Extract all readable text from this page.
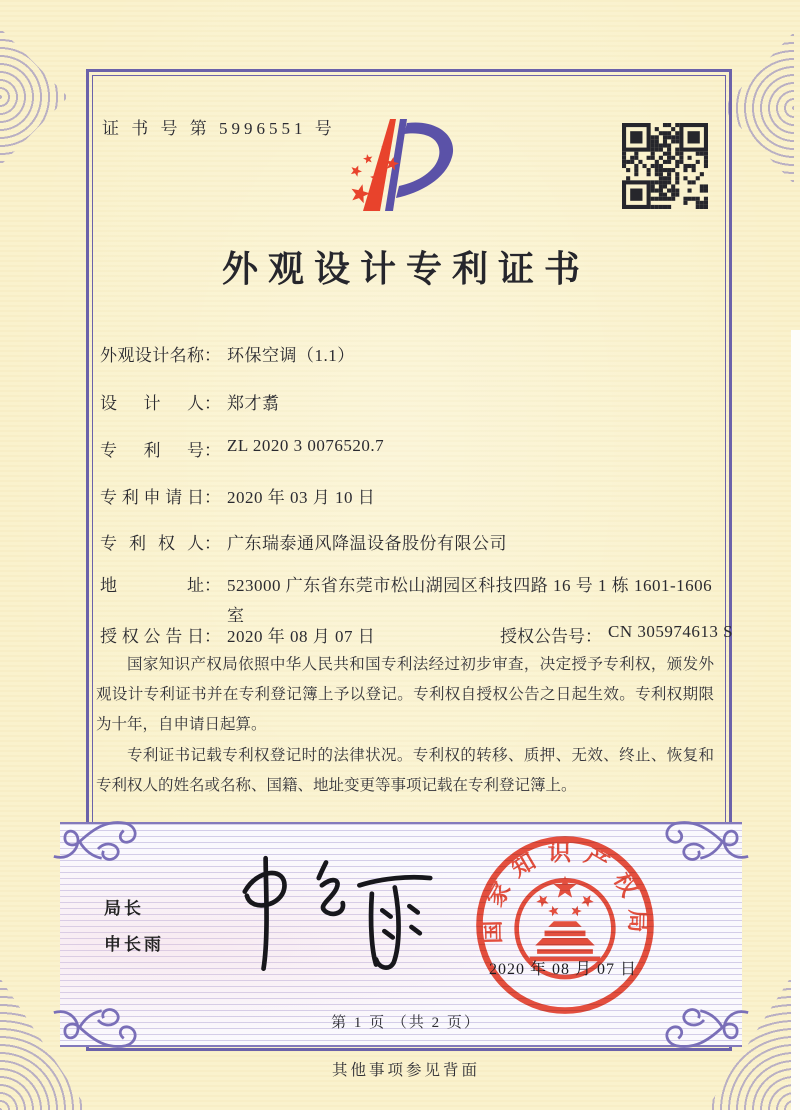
证 书 号 第 5996551 号
外观设计专利证书
外观设计名称： 环保空调（1.1）
设计人： 郑才翥
专利号： ZL 2020 3 0076520.7
专利申请日： 2020 年 03 月 10 日
专利权人： 广东瑞泰通风降温设备股份有限公司
地址： 523000 广东省东莞市松山湖园区科技四路 16 号 1 栋 1601-1606 室
授权公告日： 2020 年 08 月 07 日	授权公告号： CN 305974613 S

国家知识产权局依照中华人民共和国专利法经过初步审查，决定授予专利权，颁发外观设计专利证书并在专利登记簿上予以登记。专利权自授权公告之日起生效。专利权期限为十年，自申请日起算。

专利证书记载专利权登记时的法律状况。专利权的转移、质押、无效、终止、恢复和专利权人的姓名或名称、国籍、地址变更等事项记载在专利登记簿上。

局长
申长雨
国家知识产权局
2020 年 08 月 07 日
第 1 页 （共 2 页）
其他事项参见背面
